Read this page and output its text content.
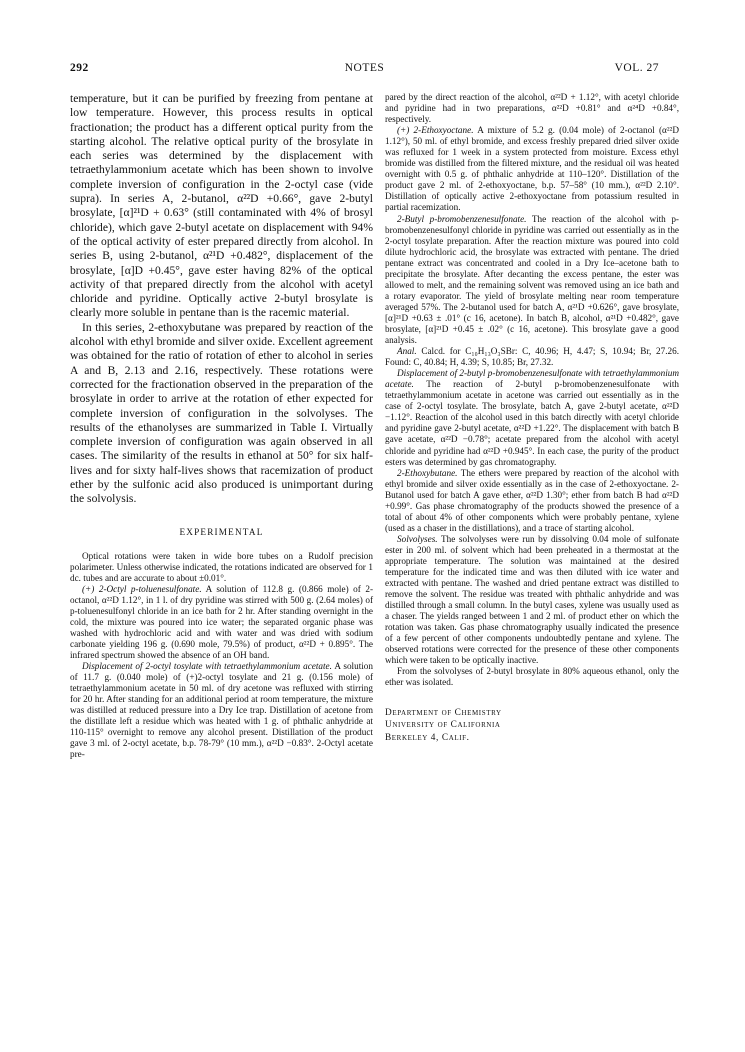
292	NOTES	VOL. 27

temperature, but it can be purified by freezing from pentane at low temperature. However, this process results in optical fractionation; the product has a different optical purity from the starting alcohol. The relative optical purity of the brosylate in each series was determined by the displacement with tetraethylammonium acetate which has been shown to involve complete inversion of configuration in the 2-octyl case (vide supra). In series A, 2-butanol, α²²D +0.66°, gave 2-butyl brosylate, [α]²¹D + 0.63° (still contaminated with 4% of brosyl chloride), which gave 2-butyl acetate on displacement with 94% of the optical activity of ester prepared directly from alcohol. In series B, using 2-butanol, α²¹D +0.482°, displacement of the brosylate, [α]D +0.45°, gave ester having 82% of the optical activity of that prepared directly from the alcohol with acetyl chloride and pyridine. Optically active 2-butyl brosylate is clearly more soluble in pentane than is the racemic material.

In this series, 2-ethoxybutane was prepared by reaction of the alcohol with ethyl bromide and silver oxide. Excellent agreement was obtained for the ratio of rotation of ether to alcohol in series A and B, 2.13 and 2.16, respectively. These rotations were corrected for the fractionation observed in the preparation of the brosylate in order to arrive at the rotation of ether expected for complete inversion of configuration in the solvolyses. The results of the ethanolyses are summarized in Table I. Virtually complete inversion of configuration was again observed in all cases. The similarity of the results in ethanol at 50° for six half-lives and for sixty half-lives shows that racemization of product ether by the sulfonic acid also produced is unimportant during the solvolysis.

EXPERIMENTAL

Optical rotations were taken in wide bore tubes on a Rudolf precision polarimeter. Unless otherwise indicated, the rotations indicated are observed for 1 dc. tubes and are accurate to about ±0.01°.

(+) 2-Octyl p-toluenesulfonate. A solution of 112.8 g. (0.866 mole) of 2-octanol, α²²D 1.12°, in 1 l. of dry pyridine was stirred with 500 g. (2.64 moles) of p-toluenesulfonyl chloride in an ice bath for 2 hr. After standing overnight in the cold, the mixture was poured into ice water; the separated organic phase was washed with hydrochloric acid and with water and was dried with sodium carbonate yielding 196 g. (0.690 mole, 79.5%) of product, α²²D + 0.895°. The infrared spectrum showed the absence of an OH band.

Displacement of 2-octyl tosylate with tetraethylammonium acetate. A solution of 11.7 g. (0.040 mole) of (+)2-octyl tosylate and 21 g. (0.156 mole) of tetraethylammonium acetate in 50 ml. of dry acetone was refluxed with stirring for 20 hr. After standing for an additional period at room temperature, the mixture was distilled at reduced pressure into a Dry Ice trap. Distillation of acetone from the distillate left a residue which was heated with 1 g. of phthalic anhydride at 110-115° overnight to remove any alcohol present. Distillation of the product gave 3 ml. of 2-octyl acetate, b.p. 78-79° (10 mm.), α²²D −0.83°. 2-Octyl acetate pre-

pared by the direct reaction of the alcohol, α²²D + 1.12°, with acetyl chloride and pyridine had in two preparations, α²²D +0.81° and α²⁴D +0.84°, respectively.

(+) 2-Ethoxyoctane. A mixture of 5.2 g. (0.04 mole) of 2-octanol (α²²D 1.12°), 50 ml. of ethyl bromide, and excess freshly prepared dried silver oxide was refluxed for 1 week in a system protected from moisture. Excess ethyl bromide was distilled from the filtered mixture, and the residual oil was heated overnight with 0.5 g. of phthalic anhydride at 110–120°. Distillation of the product gave 2 ml. of 2-ethoxyoctane, b.p. 57–58° (10 mm.), α²²D 2.10°. Distillation of optically active 2-ethoxyoctane from potassium resulted in partial racemization.

2-Butyl p-bromobenzenesulfonate. The reaction of the alcohol with p-bromobenzenesulfonyl chloride in pyridine was carried out essentially as in the 2-octyl tosylate preparation. After the reaction mixture was poured into cold dilute hydrochloric acid, the brosylate was extracted with pentane. The dried pentane extract was concentrated and cooled in a Dry Ice–acetone bath to precipitate the brosylate. After decanting the excess pentane, the ester was allowed to melt, and the remaining solvent was removed using an ice bath and a rotary evaporator. The yield of brosylate melting near room temperature averaged 57%. The 2-butanol used for batch A, α²¹D +0.626°, gave brosylate, [α]²¹D +0.63 ± .01° (c 16, acetone). In batch B, alcohol, α²¹D +0.482°, gave brosylate, [α]²¹D +0.45 ± .02° (c 16, acetone). This brosylate gave a good analysis.

Anal. Calcd. for C₁₀H₁₃O₃SBr: C, 40.96; H, 4.47; S, 10.94; Br, 27.26. Found: C, 40.84; H, 4.39; S, 10.85; Br, 27.32.

Displacement of 2-butyl p-bromobenzenesulfonate with tetraethylammonium acetate. The reaction of 2-butyl p-bromobenzenesulfonate with tetraethylammonium acetate in acetone was carried out essentially as in the case of 2-octyl tosylate. The brosylate, batch A, gave 2-butyl acetate, α²²D −1.12°. Reaction of the alcohol used in this batch directly with acetyl chloride and pyridine gave 2-butyl acetate, α²²D +1.22°. The displacement with batch B gave acetate, α²²D −0.78°; acetate prepared from the alcohol with acetyl chloride and pyridine had α²²D +0.945°. In each case, the purity of the product esters was determined by gas chromatography.

2-Ethoxybutane. The ethers were prepared by reaction of the alcohol with ethyl bromide and silver oxide essentially as in the case of 2-ethoxyoctane. 2-Butanol used for batch A gave ether, α²²D 1.30°; ether from batch B had α²²D +0.99°. Gas phase chromatography of the products showed the presence of a total of about 4% of other components which were probably pentane, xylene (used as a chaser in the distillations), and a trace of starting alcohol.

Solvolyses. The solvolyses were run by dissolving 0.04 mole of sulfonate ester in 200 ml. of solvent which had been preheated in a thermostat at the appropriate temperature. The solution was maintained at the desired temperature for the indicated time and was then diluted with ice water and extracted with pentane. The washed and dried pentane extract was distilled to remove the solvent. The residue was treated with phthalic anhydride and was distilled through a small column. In the butyl cases, xylene was usually used as a chaser. The yields ranged between 1 and 2 ml. of product ether on which the rotation was taken. Gas phase chromatography usually indicated the presence of a few percent of other components undoubtedly pentane and xylene. The observed rotations were corrected for the presence of these other components which were taken to be optically inactive.

From the solvolyses of 2-butyl brosylate in 80% aqueous ethanol, only the ether was isolated.

Department of Chemistry
University of California
Berkeley 4, Calif.
